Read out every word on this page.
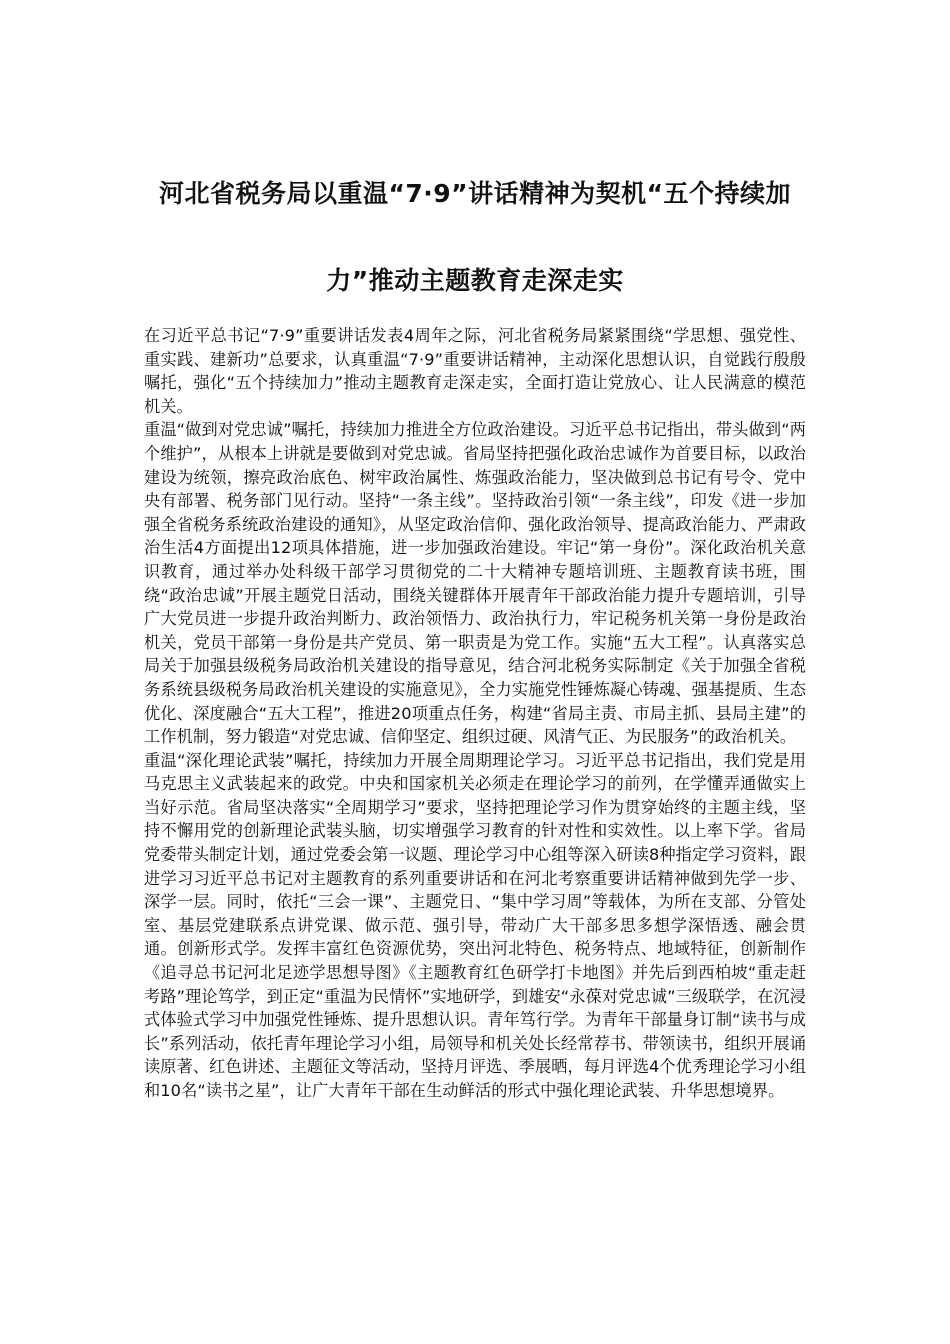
河北省税务局以重温“7·9”讲话精神为契机“五个持续加
力”推动主题教育走深走实

在习近平总书记“7·9”重要讲话发表4周年之际，河北省税务局紧紧围绕“学思想、强党性、重实践、建新功”总要求，认真重温“7·9”重要讲话精神，主动深化思想认识，自觉践行殷殷嘱托，强化“五个持续加力”推动主题教育走深走实，全面打造让党放心、让人民满意的模范机关。

重温“做到对党忠诚”嘱托，持续加力推进全方位政治建设。习近平总书记指出，带头做到“两个维护”，从根本上讲就是要做到对党忠诚。省局坚持把强化政治忠诚作为首要目标，以政治建设为统领，擦亮政治底色、树牢政治属性、炼强政治能力，坚决做到总书记有号令、党中央有部署、税务部门见行动。坚持“一条主线”。坚持政治引领“一条主线”，印发《进一步加强全省税务系统政治建设的通知》，从坚定政治信仰、强化政治领导、提高政治能力、严肃政治生活4方面提出12项具体措施，进一步加强政治建设。牢记“第一身份”。深化政治机关意识教育，通过举办处科级干部学习贯彻党的二十大精神专题培训班、主题教育读书班，围绕“政治忠诚”开展主题党日活动，围绕关键群体开展青年干部政治能力提升专题培训，引导广大党员进一步提升政治判断力、政治领悟力、政治执行力，牢记税务机关第一身份是政治机关，党员干部第一身份是共产党员、第一职责是为党工作。实施“五大工程”。认真落实总局关于加强县级税务局政治机关建设的指导意见，结合河北税务实际制定《关于加强全省税务系统县级税务局政治机关建设的实施意见》，全力实施党性锤炼凝心铸魂、强基提质、生态优化、深度融合“五大工程”，推进20项重点任务，构建“省局主责、市局主抓、县局主建”的工作机制，努力锻造“对党忠诚、信仰坚定、组织过硬、风清气正、为民服务”的政治机关。

重温“深化理论武装”嘱托，持续加力开展全周期理论学习。习近平总书记指出，我们党是用马克思主义武装起来的政党。中央和国家机关必须走在理论学习的前列，在学懂弄通做实上当好示范。省局坚决落实“全周期学习”要求，坚持把理论学习作为贯穿始终的主题主线，坚持不懈用党的创新理论武装头脑，切实增强学习教育的针对性和实效性。以上率下学。省局党委带头制定计划，通过党委会第一议题、理论学习中心组等深入研读8种指定学习资料，跟进学习习近平总书记对主题教育的系列重要讲话和在河北考察重要讲话精神做到先学一步、深学一层。同时，依托“三会一课”、主题党日、“集中学习周”等载体，为所在支部、分管处室、基层党建联系点讲党课、做示范、强引导，带动广大干部多思多想学深悟透、融会贯通。创新形式学。发挥丰富红色资源优势，突出河北特色、税务特点、地域特征，创新制作《追寻总书记河北足迹学思想导图》《主题教育红色研学打卡地图》并先后到西柏坡“重走赶考路”理论笃学，到正定“重温为民情怀”实地研学，到雄安“永葆对党忠诚”三级联学，在沉浸式体验式学习中加强党性锤炼、提升思想认识。青年笃行学。为青年干部量身订制“读书与成长”系列活动，依托青年理论学习小组，局领导和机关处长经常荐书、带领读书，组织开展诵读原著、红色讲述、主题征文等活动，坚持月评选、季展晒，每月评选4个优秀理论学习小组和10名“读书之星”，让广大青年干部在生动鲜活的形式中强化理论武装、升华思想境界。
